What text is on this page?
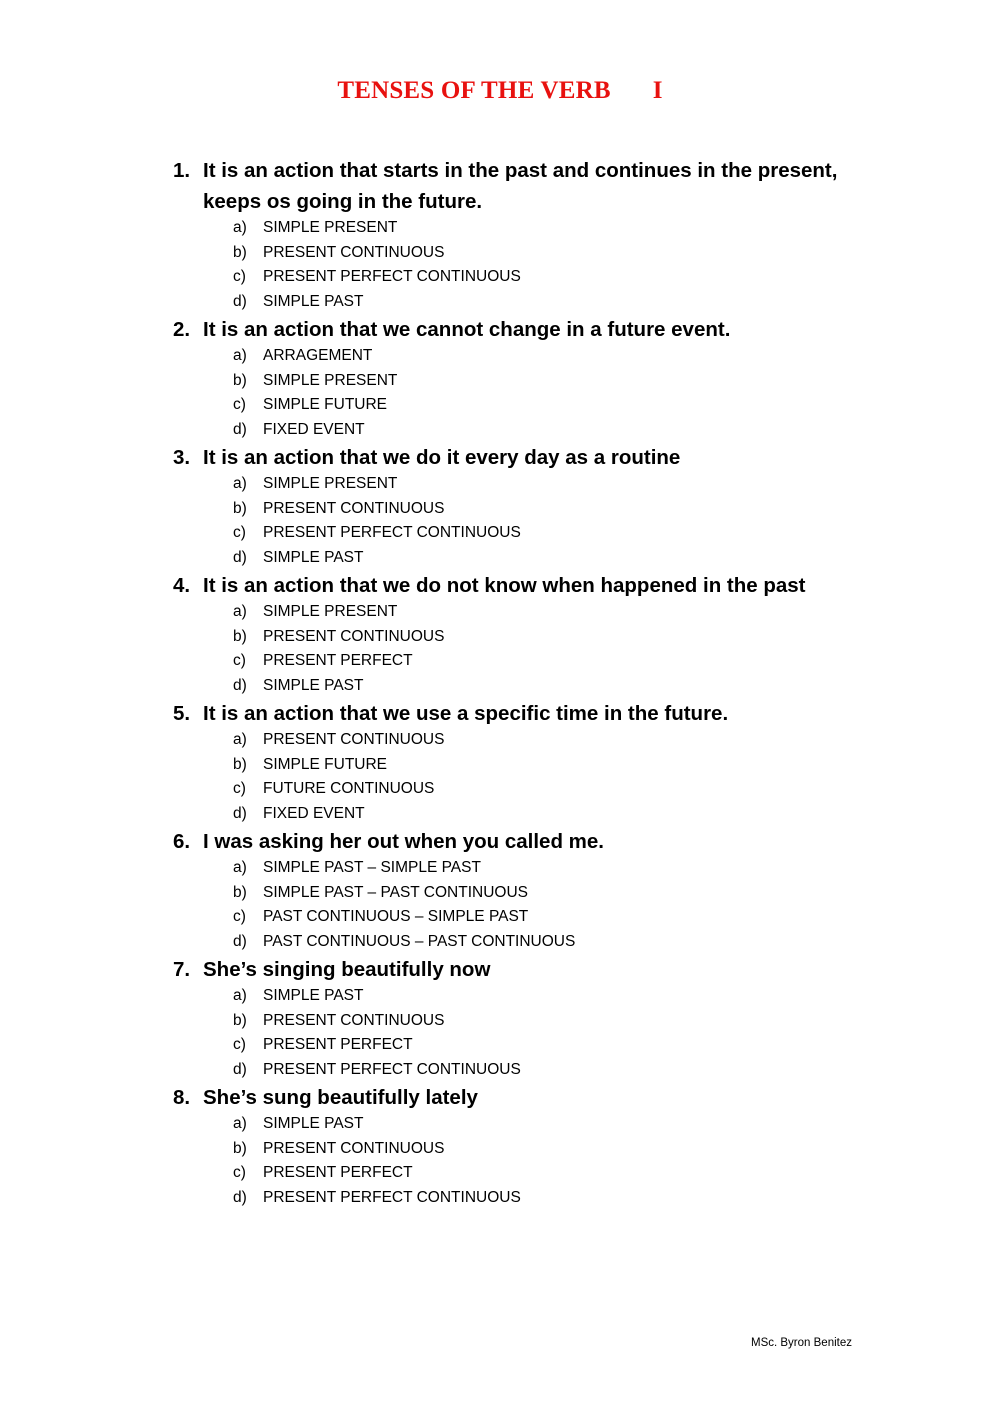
TENSES OF THE VERB I
1. It is an action that starts in the past and continues in the present, keeps os going in the future.
a)	SIMPLE PRESENT
b)	PRESENT CONTINUOUS
c)	PRESENT PERFECT CONTINUOUS
d)	SIMPLE PAST
2. It is an action that we cannot change in a future event.
a)	ARRAGEMENT
b)	SIMPLE PRESENT
c)	SIMPLE FUTURE
d)	FIXED EVENT
3. It is an action that we do it every day as a routine
a)	SIMPLE PRESENT
b)	PRESENT CONTINUOUS
c)	PRESENT PERFECT CONTINUOUS
d)	SIMPLE PAST
4. It is an action that we do not know when happened in the past
a)	SIMPLE PRESENT
b)	PRESENT CONTINUOUS
c)	PRESENT PERFECT
d)	SIMPLE PAST
5. It is an action that we use a specific time in the future.
a)	PRESENT CONTINUOUS
b)	SIMPLE FUTURE
c)	FUTURE CONTINUOUS
d)	FIXED EVENT
6. I was asking her out when you called me.
a)	SIMPLE PAST – SIMPLE PAST
b)	SIMPLE PAST – PAST CONTINUOUS
c)	PAST CONTINUOUS – SIMPLE PAST
d)	PAST CONTINUOUS – PAST CONTINUOUS
7. She’s singing beautifully now
a)	SIMPLE PAST
b)	PRESENT CONTINUOUS
c)	PRESENT PERFECT
d)	PRESENT PERFECT CONTINUOUS
8. She’s sung beautifully lately
a)	SIMPLE PAST
b)	PRESENT CONTINUOUS
c)	PRESENT PERFECT
d)	PRESENT PERFECT CONTINUOUS
MSc. Byron Benitez
